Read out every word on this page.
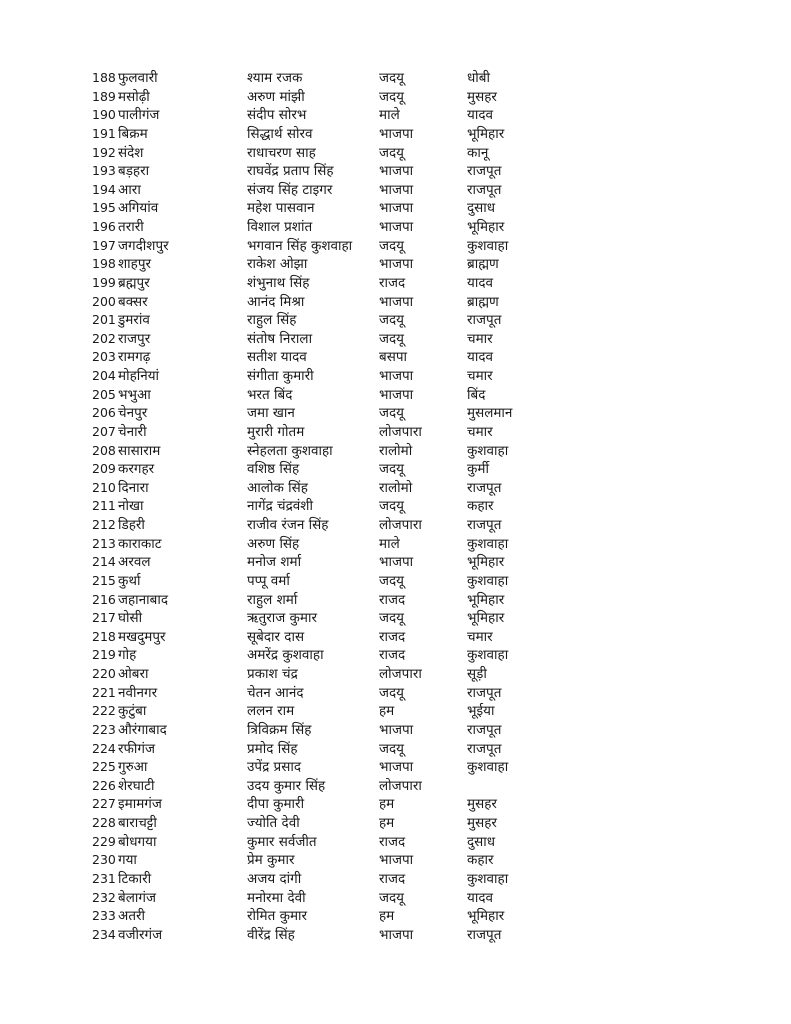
188 फुलवारी	श्याम रजक	जदयू	धोबी
189 मसोढ़ी	अरुण मांझी	जदयू	मुसहर
190 पालीगंज	संदीप सोरभ	माले	यादव
191 बिक्रम	सिद्धार्थ सोरव	भाजपा	भूमिहार
192 संदेश	राधाचरण साह	जदयू	कानू
193 बड़हरा	राघवेंद्र प्रताप सिंह	भाजपा	राजपूत
194 आरा	संजय सिंह टाइगर	भाजपा	राजपूत
195 अगियांव	महेश पासवान	भाजपा	दुसाध
196 तरारी	विशाल प्रशांत	भाजपा	भूमिहार
197 जगदीशपुर	भगवान सिंह कुशवाहा	जदयू	कुशवाहा
198 शाहपुर	राकेश ओझा	भाजपा	ब्राह्मण
199 ब्रह्मपुर	शंभुनाथ सिंह	राजद	यादव
200 बक्सर	आनंद मिश्रा	भाजपा	ब्राह्मण
201 डुमरांव	राहुल सिंह	जदयू	राजपूत
202 राजपुर	संतोष निराला	जदयू	चमार
203 रामगढ़	सतीश यादव	बसपा	यादव
204 मोहनियां	संगीता कुमारी	भाजपा	चमार
205 भभुआ	भरत बिंद	भाजपा	बिंद
206 चेनपुर	जमा खान	जदयू	मुसलमान
207 चेनारी	मुरारी गोतम	लोजपारा	चमार
208 सासाराम	स्नेहलता कुशवाहा	रालोमो	कुशवाहा
209 करगहर	वशिष्ठ सिंह	जदयू	कुर्मी
210 दिनारा	आलोक सिंह	रालोमो	राजपूत
211 नोखा	नागेंद्र चंद्रवंशी	जदयू	कहार
212 डिहरी	राजीव रंजन सिंह	लोजपारा	राजपूत
213 काराकाट	अरुण सिंह	माले	कुशवाहा
214 अरवल	मनोज शर्मा	भाजपा	भूमिहार
215 कुर्था	पप्पू वर्मा	जदयू	कुशवाहा
216 जहानाबाद	राहुल शर्मा	राजद	भूमिहार
217 घोसी	ऋतुराज कुमार	जदयू	भूमिहार
218 मखदुमपुर	सूबेदार दास	राजद	चमार
219 गोह	अमरेंद्र कुशवाहा	राजद	कुशवाहा
220 ओबरा	प्रकाश चंद्र	लोजपारा	सूड़ी
221 नवीनगर	चेतन आनंद	जदयू	राजपूत
222 कुटुंबा	ललन राम	हम	भूईया
223 औरंगाबाद	त्रिविक्रम सिंह	भाजपा	राजपूत
224 रफीगंज	प्रमोद सिंह	जदयू	राजपूत
225 गुरुआ	उपेंद्र प्रसाद	भाजपा	कुशवाहा
226 शेरघाटी	उदय कुमार सिंह	लोजपारा
227 इमामगंज	दीपा कुमारी	हम	मुसहर
228 बाराचट्टी	ज्योति देवी	हम	मुसहर
229 बोधगया	कुमार सर्वजीत	राजद	दुसाध
230 गया	प्रेम कुमार	भाजपा	कहार
231 टिकारी	अजय दांगी	राजद	कुशवाहा
232 बेलागंज	मनोरमा देवी	जदयू	यादव
233 अतरी	रोमित कुमार	हम	भूमिहार
234 वजीरगंज	वीरेंद्र सिंह	भाजपा	राजपूत
